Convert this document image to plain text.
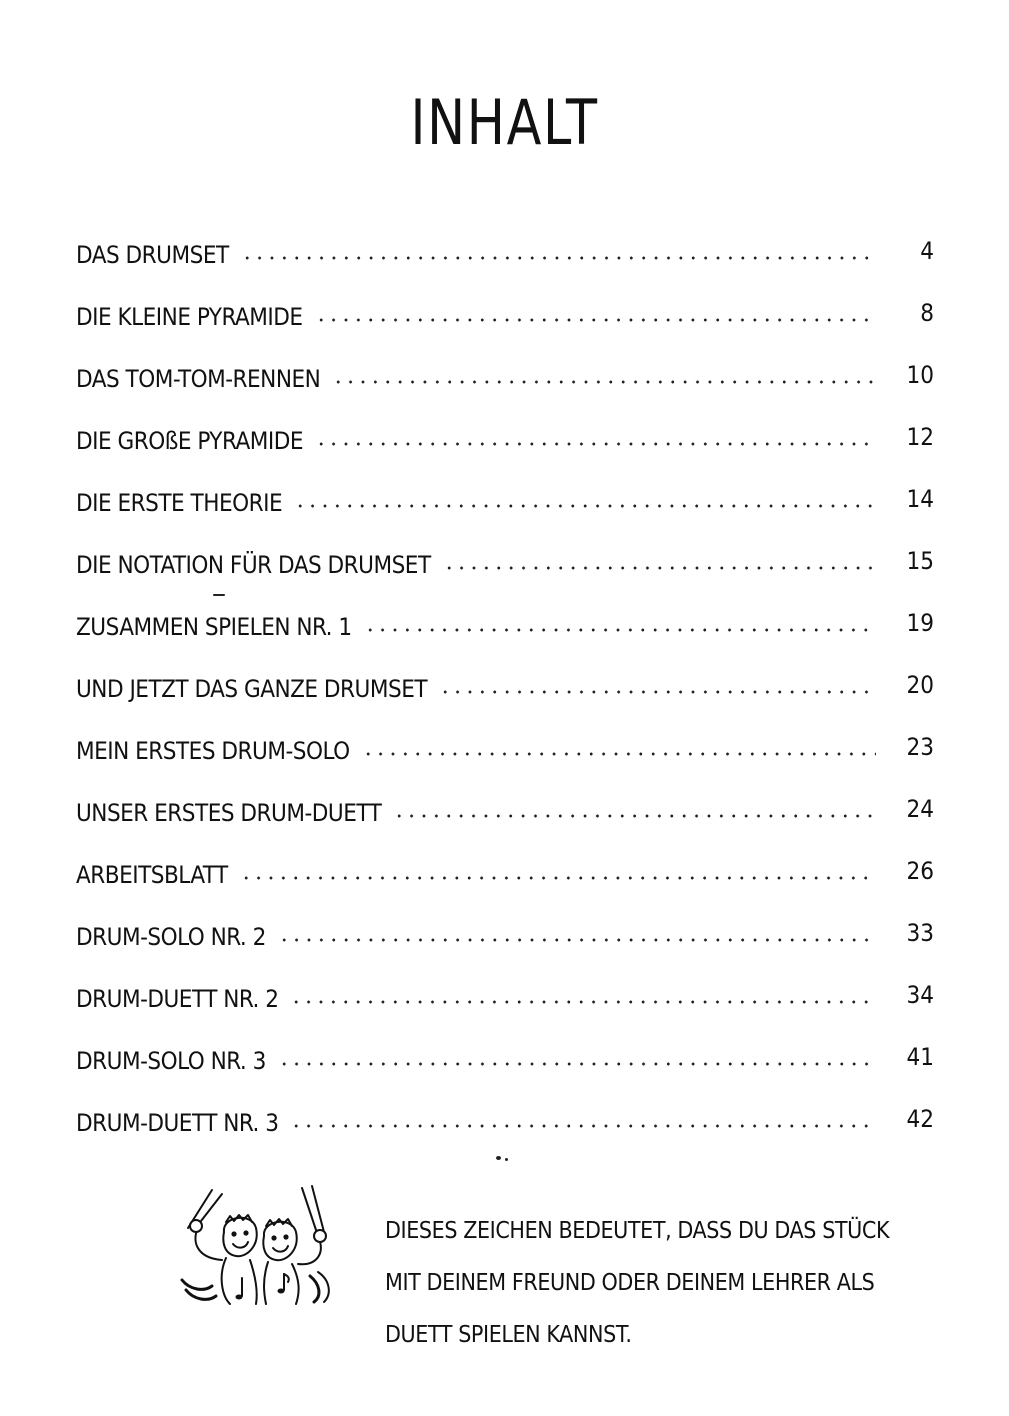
INHALT
DAS DRUMSET	4
DIE KLEINE PYRAMIDE	8
DAS TOM-TOM-RENNEN	10
DIE GROßE PYRAMIDE	12
DIE ERSTE THEORIE	14
DIE NOTATION FÜR DAS DRUMSET	15
ZUSAMMEN SPIELEN NR. 1	19
UND JETZT DAS GANZE DRUMSET	20
MEIN ERSTES DRUM-SOLO	23
UNSER ERSTES DRUM-DUETT	24
ARBEITSBLATT	26
DRUM-SOLO NR. 2	33
DRUM-DUETT NR. 2	34
DRUM-SOLO NR. 3	41
DRUM-DUETT NR. 3	42
DIESES ZEICHEN BEDEUTET, DASS DU DAS STÜCK
MIT DEINEM FREUND ODER DEINEM LEHRER ALS
DUETT SPIELEN KANNST.
